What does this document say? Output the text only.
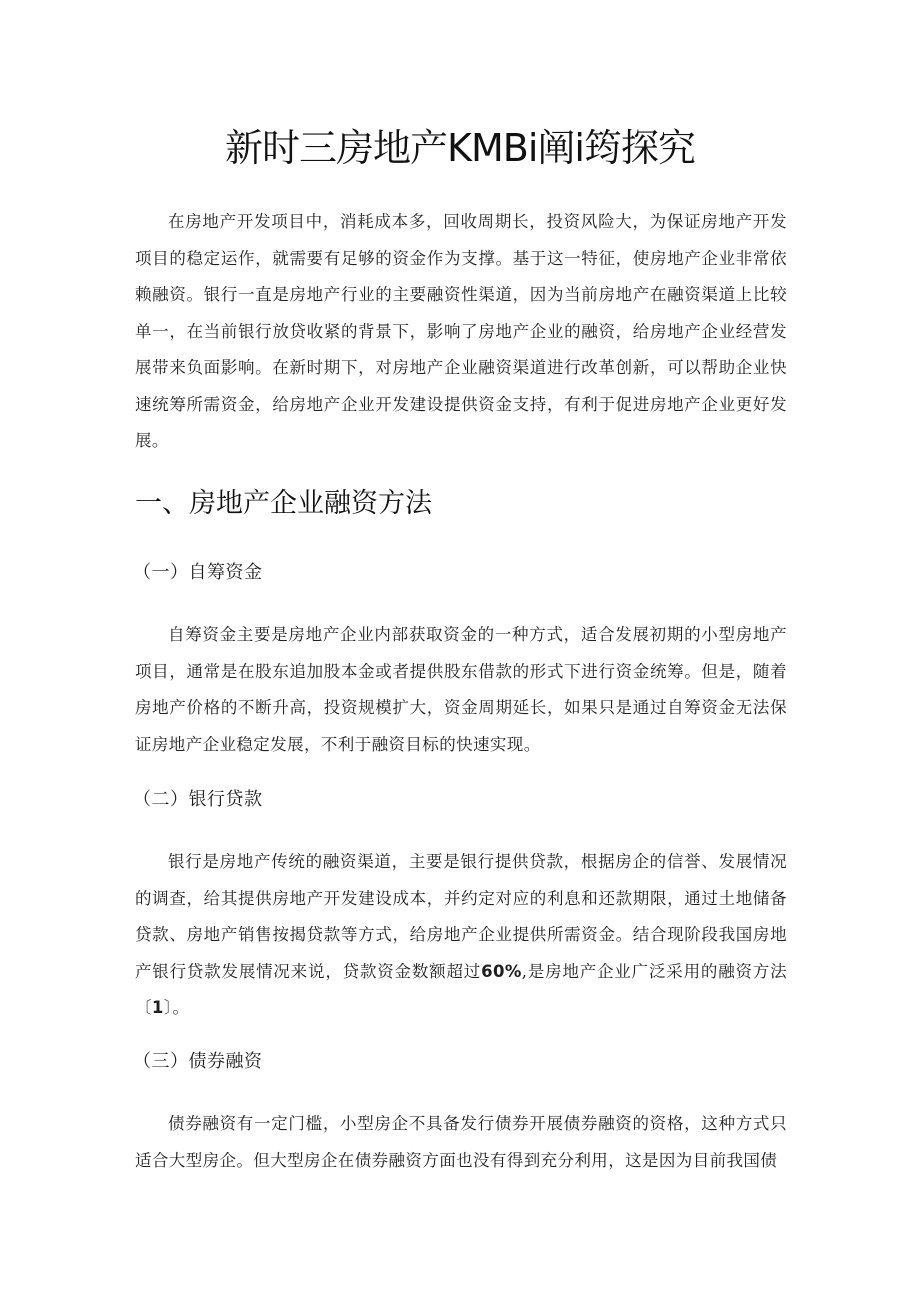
新时三房地产KMBi阐i筠探究

在房地产开发项目中，消耗成本多，回收周期长，投资风险大，为保证房地产开发项目的稳定运作，就需要有足够的资金作为支撑。基于这一特征，使房地产企业非常依赖融资。银行一直是房地产行业的主要融资性渠道，因为当前房地产在融资渠道上比较单一，在当前银行放贷收紧的背景下，影响了房地产企业的融资，给房地产企业经营发展带来负面影响。在新时期下，对房地产企业融资渠道进行改革创新，可以帮助企业快速统筹所需资金，给房地产企业开发建设提供资金支持，有利于促进房地产企业更好发展。

一、房地产企业融资方法
（一）自筹资金

自筹资金主要是房地产企业内部获取资金的一种方式，适合发展初期的小型房地产项目，通常是在股东追加股本金或者提供股东借款的形式下进行资金统筹。但是，随着房地产价格的不断升高，投资规模扩大，资金周期延长，如果只是通过自筹资金无法保证房地产企业稳定发展，不利于融资目标的快速实现。

（二）银行贷款

银行是房地产传统的融资渠道，主要是银行提供贷款，根据房企的信誉、发展情况的调查，给其提供房地产开发建设成本，并约定对应的利息和还款期限，通过土地储备贷款、房地产销售按揭贷款等方式，给房地产企业提供所需资金。结合现阶段我国房地产银行贷款发展情况来说，贷款资金数额超过60%,是房地产企业广泛采用的融资方法〔1〕。

（三）债券融资

债券融资有一定门槛，小型房企不具备发行债券开展债券融资的资格，这种方式只适合大型房企。但大型房企在债券融资方面也没有得到充分利用，这是因为目前我国债
